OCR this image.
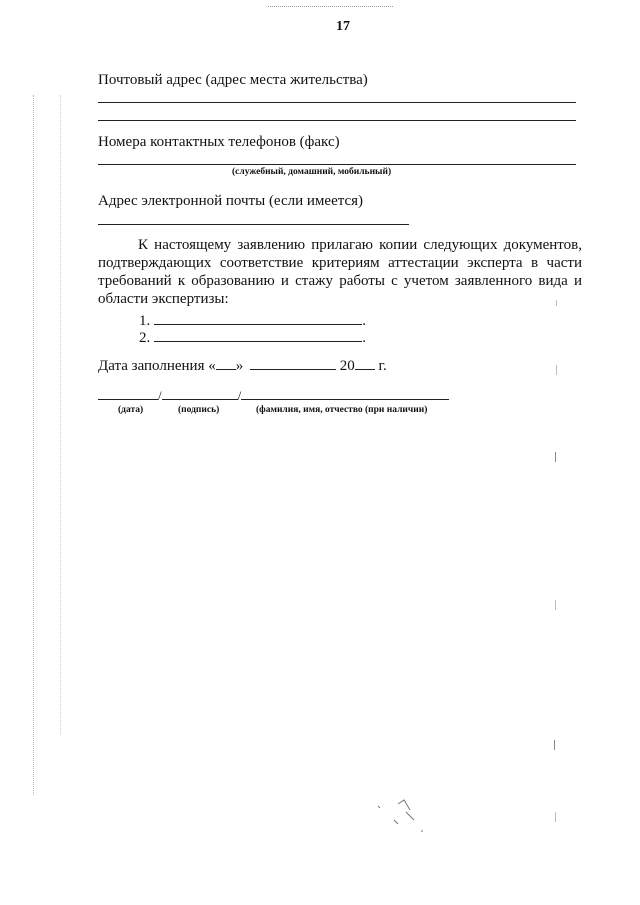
17
Почтовый адрес (адрес места жительства)
Номера контактных телефонов (факс)
(служебный, домашний, мобильный)
Адрес электронной почты (если имеется)
К настоящему заявлению прилагаю копии следующих документов, подтверждающих соответствие критериям аттестации эксперта в части требований к образованию и стажу работы с учетом заявленного вида и области экспертизы:
1.	.
2.	.
Дата заполнения « »	20 г.
/	/
(дата)	(подпись)	(фамилия, имя, отчество (при наличии)
